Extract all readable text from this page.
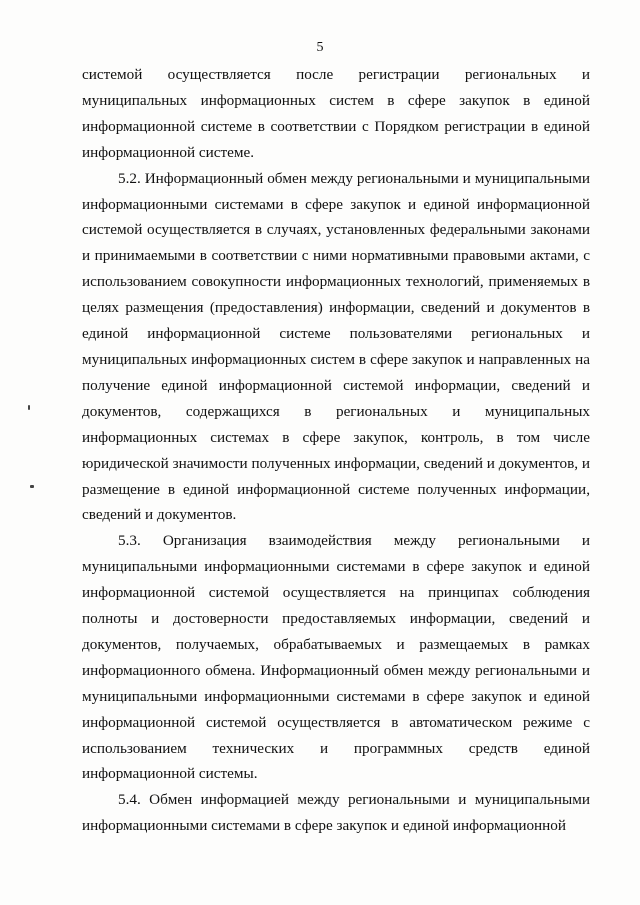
5

системой осуществляется после регистрации региональных и муниципальных информационных систем в сфере закупок в единой информационной системе в соответствии с Порядком регистрации в единой информационной системе.

5.2. Информационный обмен между региональными и муниципальными информационными системами в сфере закупок и единой информационной системой осуществляется в случаях, установленных федеральными законами и принимаемыми в соответствии с ними нормативными правовыми актами, с использованием совокупности информационных технологий, применяемых в целях размещения (предоставления) информации, сведений и документов в единой информационной системе пользователями региональных и муниципальных информационных систем в сфере закупок и направленных на получение единой информационной системой информации, сведений и документов, содержащихся в региональных и муниципальных информационных системах в сфере закупок, контроль, в том числе юридической значимости полученных информации, сведений и документов, и размещение в единой информационной системе полученных информации, сведений и документов.

5.3. Организация взаимодействия между региональными и муниципальными информационными системами в сфере закупок и единой информационной системой осуществляется на принципах соблюдения полноты и достоверности предоставляемых информации, сведений и документов, получаемых, обрабатываемых и размещаемых в рамках информационного обмена. Информационный обмен между региональными и муниципальными информационными системами в сфере закупок и единой информационной системой осуществляется в автоматическом режиме с использованием технических и программных средств единой информационной системы.

5.4. Обмен информацией между региональными и муниципальными информационными системами в сфере закупок и единой информационной
